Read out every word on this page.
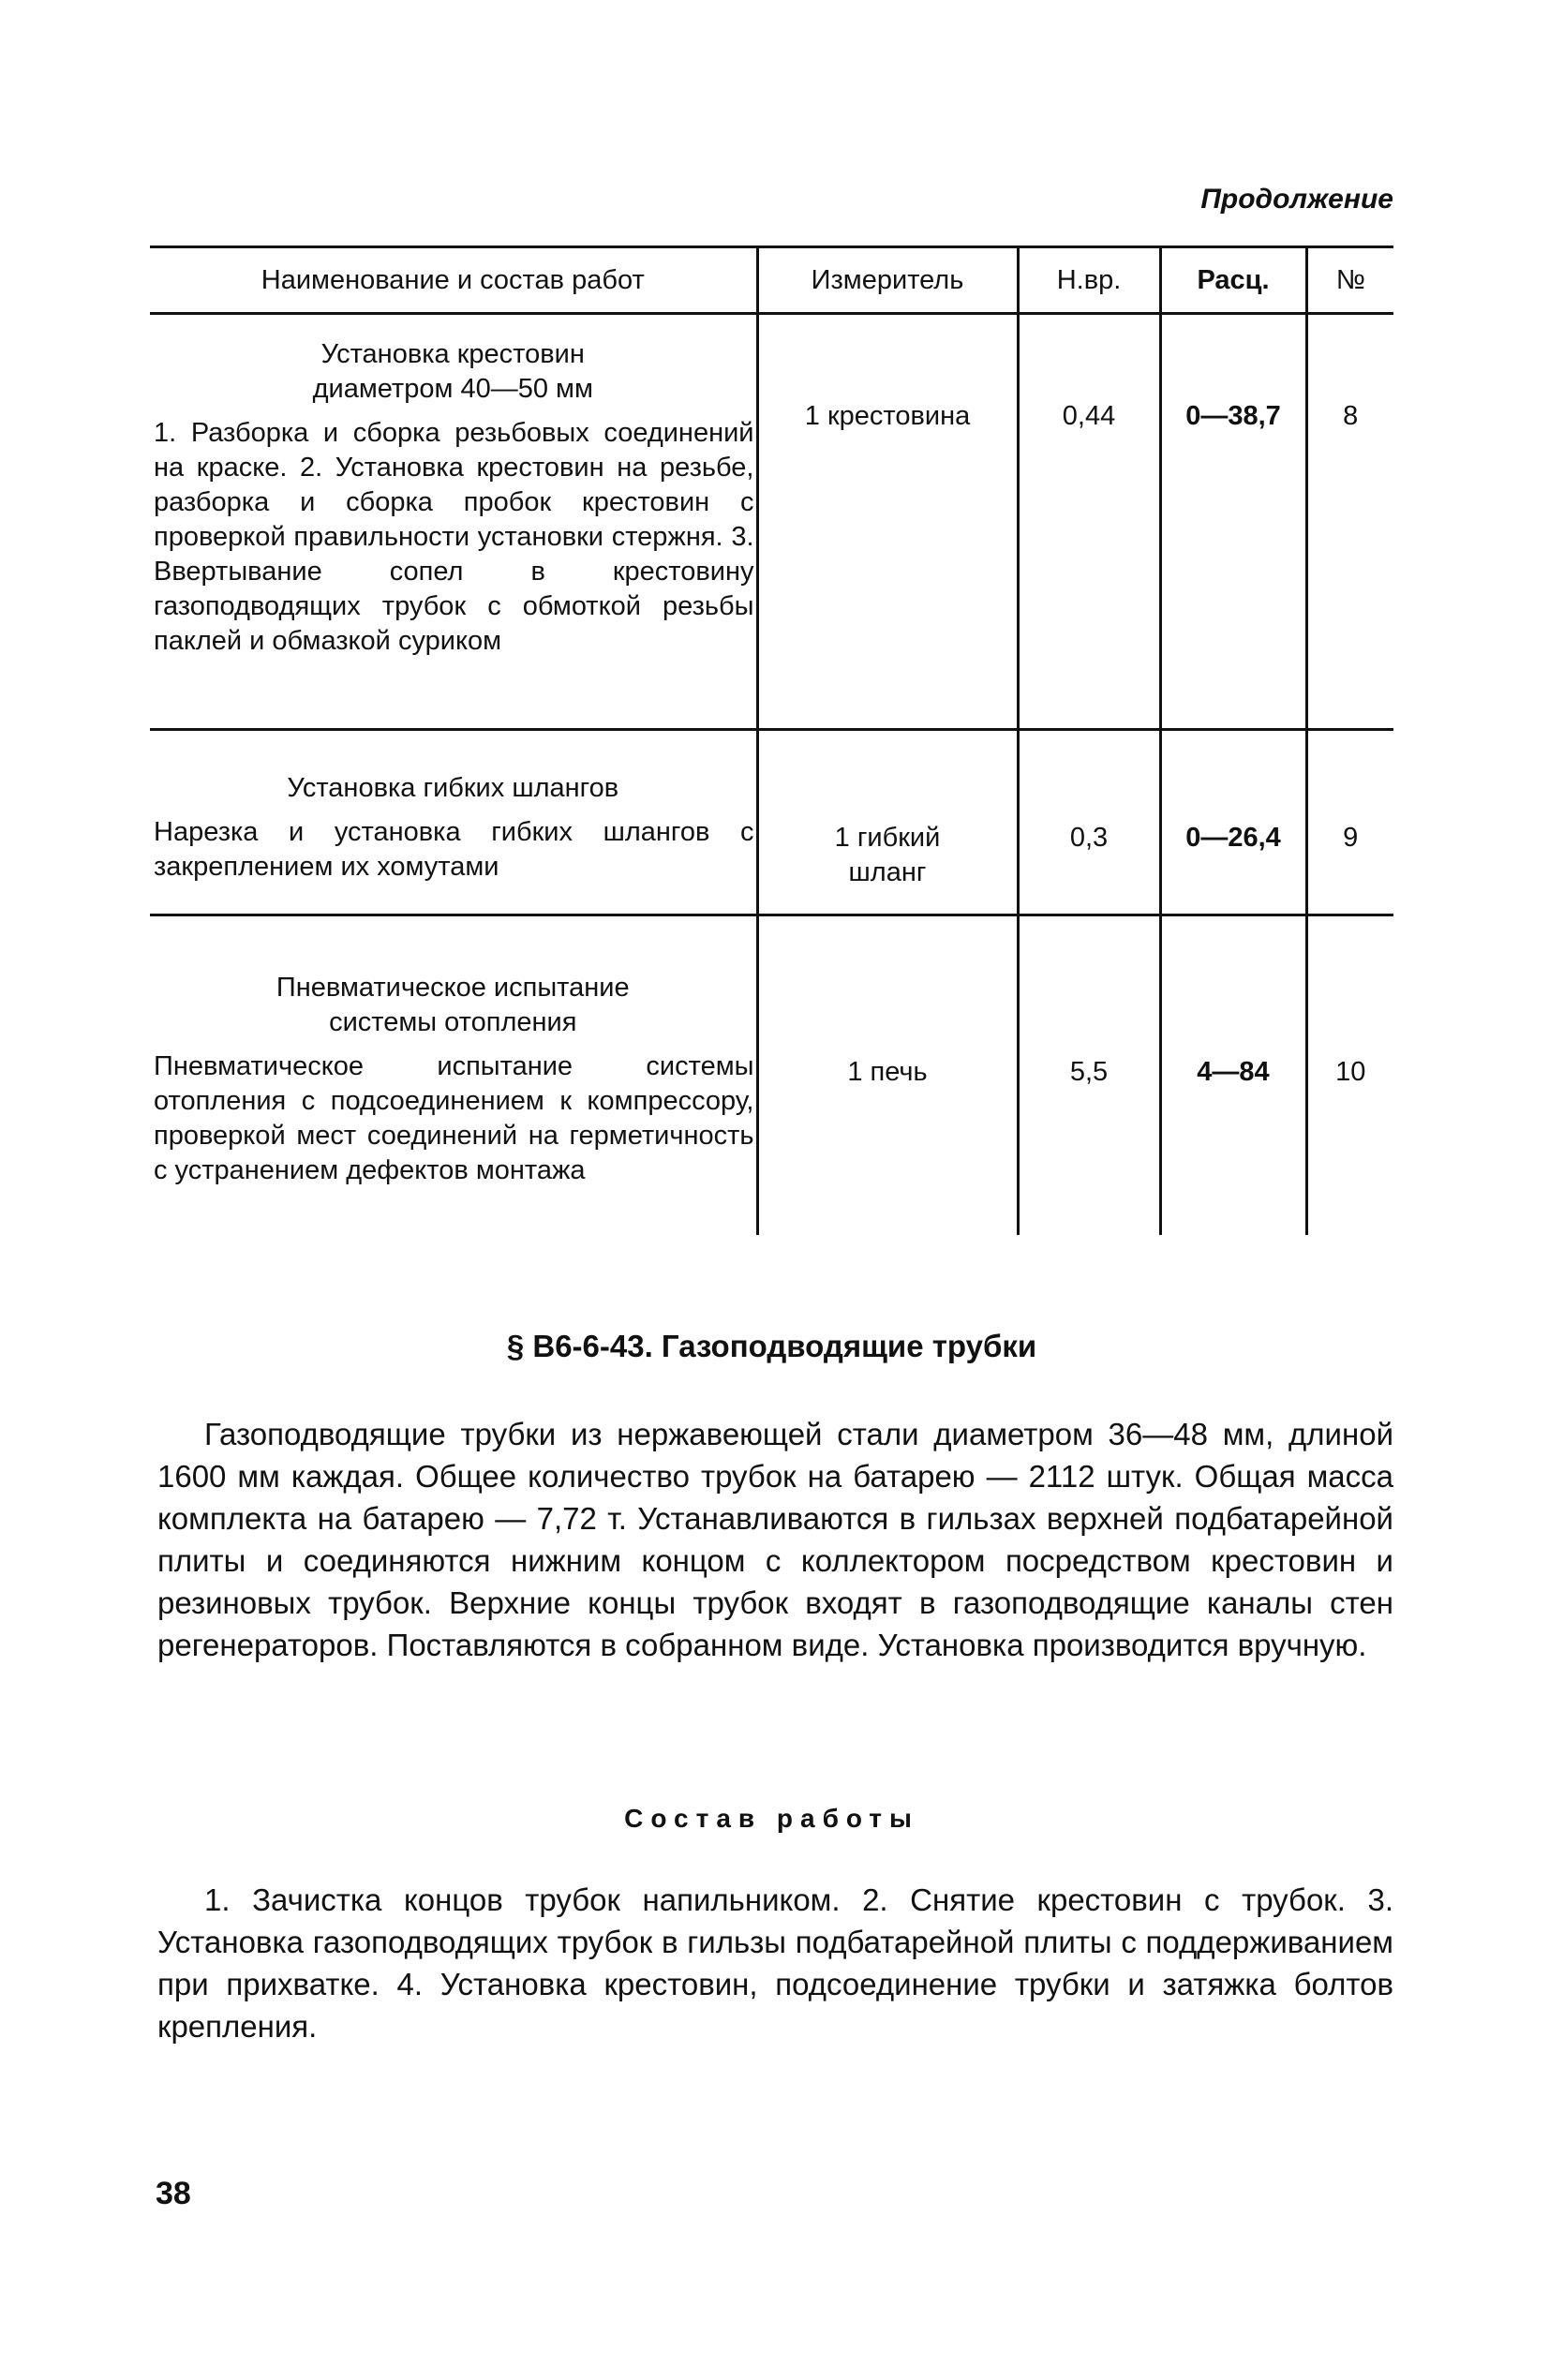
Продолжение
Наименование и состав работ	Измеритель	Н.вр.	Расц.	№

Установка крестовин диаметром 40—50 мм
1. Разборка и сборка резьбовых соединений на краске. 2. Установка крестовин на резьбе, разборка и сборка пробок крестовин с проверкой правильности установки стержня. 3. Ввертывание сопел в крестовину газоподводящих трубок с обмоткой резьбы паклей и обмазкой суриком	1 крестовина	0,44	0—38,7	8

Установка гибких шлангов
Нарезка и установка гибких шлангов с закреплением их хомутами	1 гибкий шланг	0,3	0—26,4	9

Пневматическое испытание системы отопления
Пневматическое испытание системы отопления с подсоединением к компрессору, проверкой мест соединений на герметичность с устранением дефектов монтажа	1 печь	5,5	4—84	10
§ В6-6-43. Газоподводящие трубки

Газоподводящие трубки из нержавеющей стали диаметром 36—48 мм, длиной 1600 мм каждая. Общее количество трубок на батарею — 2112 штук. Общая масса комплекта на батарею — 7,72 т. Устанавливаются в гильзах верхней подбатарейной плиты и соединяются нижним концом с коллектором посредством крестовин и резиновых трубок. Верхние концы трубок входят в газоподводящие каналы стен регенераторов. Поставляются в собранном виде. Установка производится вручную.

Состав работы

1. Зачистка концов трубок напильником. 2. Снятие крестовин с трубок. 3. Установка газоподводящих трубок в гильзы подбатарейной плиты с поддерживанием при прихватке. 4. Установка крестовин, подсоединение трубки и затяжка болтов крепления.

38
